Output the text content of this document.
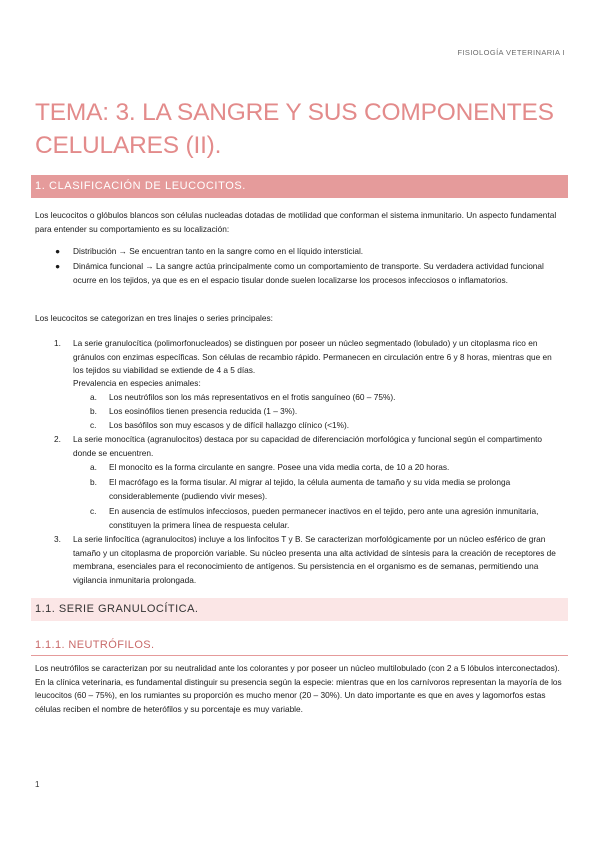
FISIOLOGÍA VETERINARIA I
TEMA: 3. LA SANGRE Y SUS COMPONENTES CELULARES (II).
1. CLASIFICACIÓN DE LEUCOCITOS.

Los leucocitos o glóbulos blancos son células nucleadas dotadas de motilidad que conforman el sistema inmunitario. Un aspecto fundamental para entender su comportamiento es su localización:

● Distribución → Se encuentran tanto en la sangre como en el líquido intersticial.

● Dinámica funcional → La sangre actúa principalmente como un comportamiento de transporte. Su verdadera actividad funcional ocurre en los tejidos, ya que es en el espacio tisular donde suelen localizarse los procesos infecciosos o inflamatorios.

Los leucocitos se categorizan en tres linajes o series principales:

1. La serie granulocítica (polimorfonucleados) se distinguen por poseer un núcleo segmentado (lobulado) y un citoplasma rico en gránulos con enzimas específicas. Son células de recambio rápido. Permanecen en circulación entre 6 y 8 horas, mientras que en los tejidos su viabilidad se extiende de 4 a 5 días.

Prevalencia en especies animales:

a. Los neutrófilos son los más representativos en el frotis sanguíneo (60 – 75%).

b. Los eosinófilos tienen presencia reducida (1 – 3%).

c. Los basófilos son muy escasos y de difícil hallazgo clínico (<1%).

2. La serie monocítica (agranulocitos) destaca por su capacidad de diferenciación morfológica y funcional según el compartimento donde se encuentren.

a. El monocito es la forma circulante en sangre. Posee una vida media corta, de 10 a 20 horas.

b. El macrófago es la forma tisular. Al migrar al tejido, la célula aumenta de tamaño y su vida media se prolonga considerablemente (pudiendo vivir meses).

c. En ausencia de estímulos infecciosos, pueden permanecer inactivos en el tejido, pero ante una agresión inmunitaria, constituyen la primera línea de respuesta celular.

3. La serie linfocítica (agranulocitos) incluye a los linfocitos T y B. Se caracterizan morfológicamente por un núcleo esférico de gran tamaño y un citoplasma de proporción variable. Su núcleo presenta una alta actividad de síntesis para la creación de receptores de membrana, esenciales para el reconocimiento de antígenos. Su persistencia en el organismo es de semanas, permitiendo una vigilancia inmunitaria prolongada.

1.1. SERIE GRANULOCÍTICA.
1.1.1. NEUTRÓFILOS.

Los neutrófilos se caracterizan por su neutralidad ante los colorantes y por poseer un núcleo multilobulado (con 2 a 5 lóbulos interconectados). En la clínica veterinaria, es fundamental distinguir su presencia según la especie: mientras que en los carnívoros representan la mayoría de los leucocitos (60 – 75%), en los rumiantes su proporción es mucho menor (20 – 30%). Un dato importante es que en aves y lagomorfos estas células reciben el nombre de heterófilos y su porcentaje es muy variable.

1
